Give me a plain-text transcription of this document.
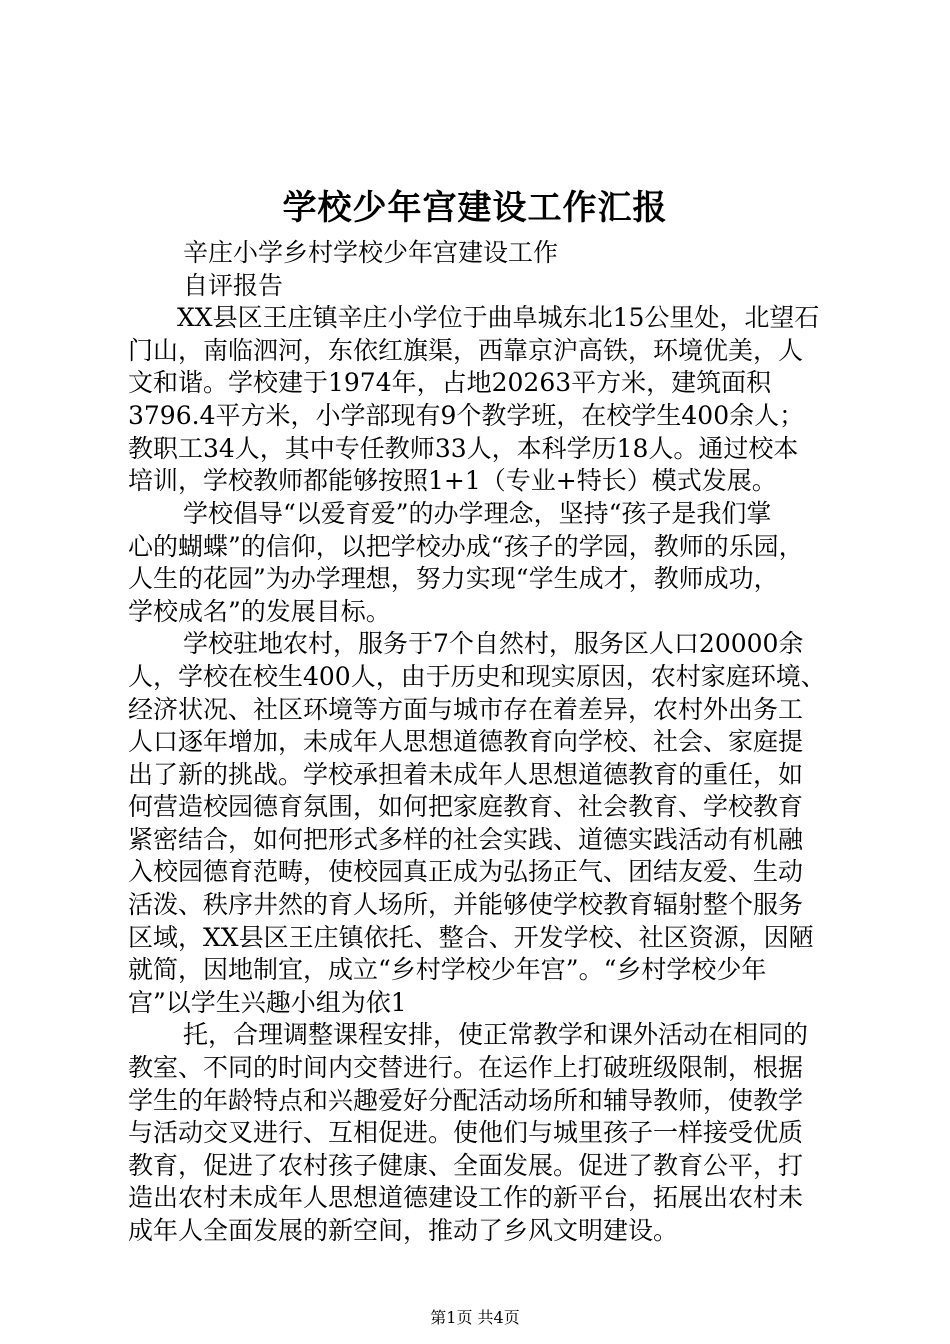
学校少年宫建设工作汇报
辛庄小学乡村学校少年宫建设工作
自评报告
XX县区王庄镇辛庄小学位于曲阜城东北15公里处，北望石
门山，南临泗河，东依红旗渠，西靠京沪高铁，环境优美，人
文和谐。学校建于1974年，占地20263平方米，建筑面积
3796.4平方米，小学部现有9个教学班，在校学生400余人；
教职工34人，其中专任教师33人，本科学历18人。通过校本
培训，学校教师都能够按照1+1（专业+特长）模式发展。
学校倡导“以爱育爱”的办学理念，坚持“孩子是我们掌
心的蝴蝶”的信仰，以把学校办成“孩子的学园，教师的乐园，
人生的花园”为办学理想，努力实现“学生成才，教师成功，
学校成名”的发展目标。
学校驻地农村，服务于7个自然村，服务区人口20000余
人，学校在校生400人，由于历史和现实原因，农村家庭环境、
经济状况、社区环境等方面与城市存在着差异，农村外出务工
人口逐年增加，未成年人思想道德教育向学校、社会、家庭提
出了新的挑战。学校承担着未成年人思想道德教育的重任，如
何营造校园德育氛围，如何把家庭教育、社会教育、学校教育
紧密结合，如何把形式多样的社会实践、道德实践活动有机融
入校园德育范畴，使校园真正成为弘扬正气、团结友爱、生动
活泼、秩序井然的育人场所，并能够使学校教育辐射整个服务
区域，XX县区王庄镇依托、整合、开发学校、社区资源，因陋
就简，因地制宜，成立“乡村学校少年宫”。“乡村学校少年
宫”以学生兴趣小组为依1
托，合理调整课程安排，使正常教学和课外活动在相同的
教室、不同的时间内交替进行。在运作上打破班级限制，根据
学生的年龄特点和兴趣爱好分配活动场所和辅导教师，使教学
与活动交叉进行、互相促进。使他们与城里孩子一样接受优质
教育，促进了农村孩子健康、全面发展。促进了教育公平，打
造出农村未成年人思想道德建设工作的新平台，拓展出农村未
成年人全面发展的新空间，推动了乡风文明建设。
第1页 共4页
